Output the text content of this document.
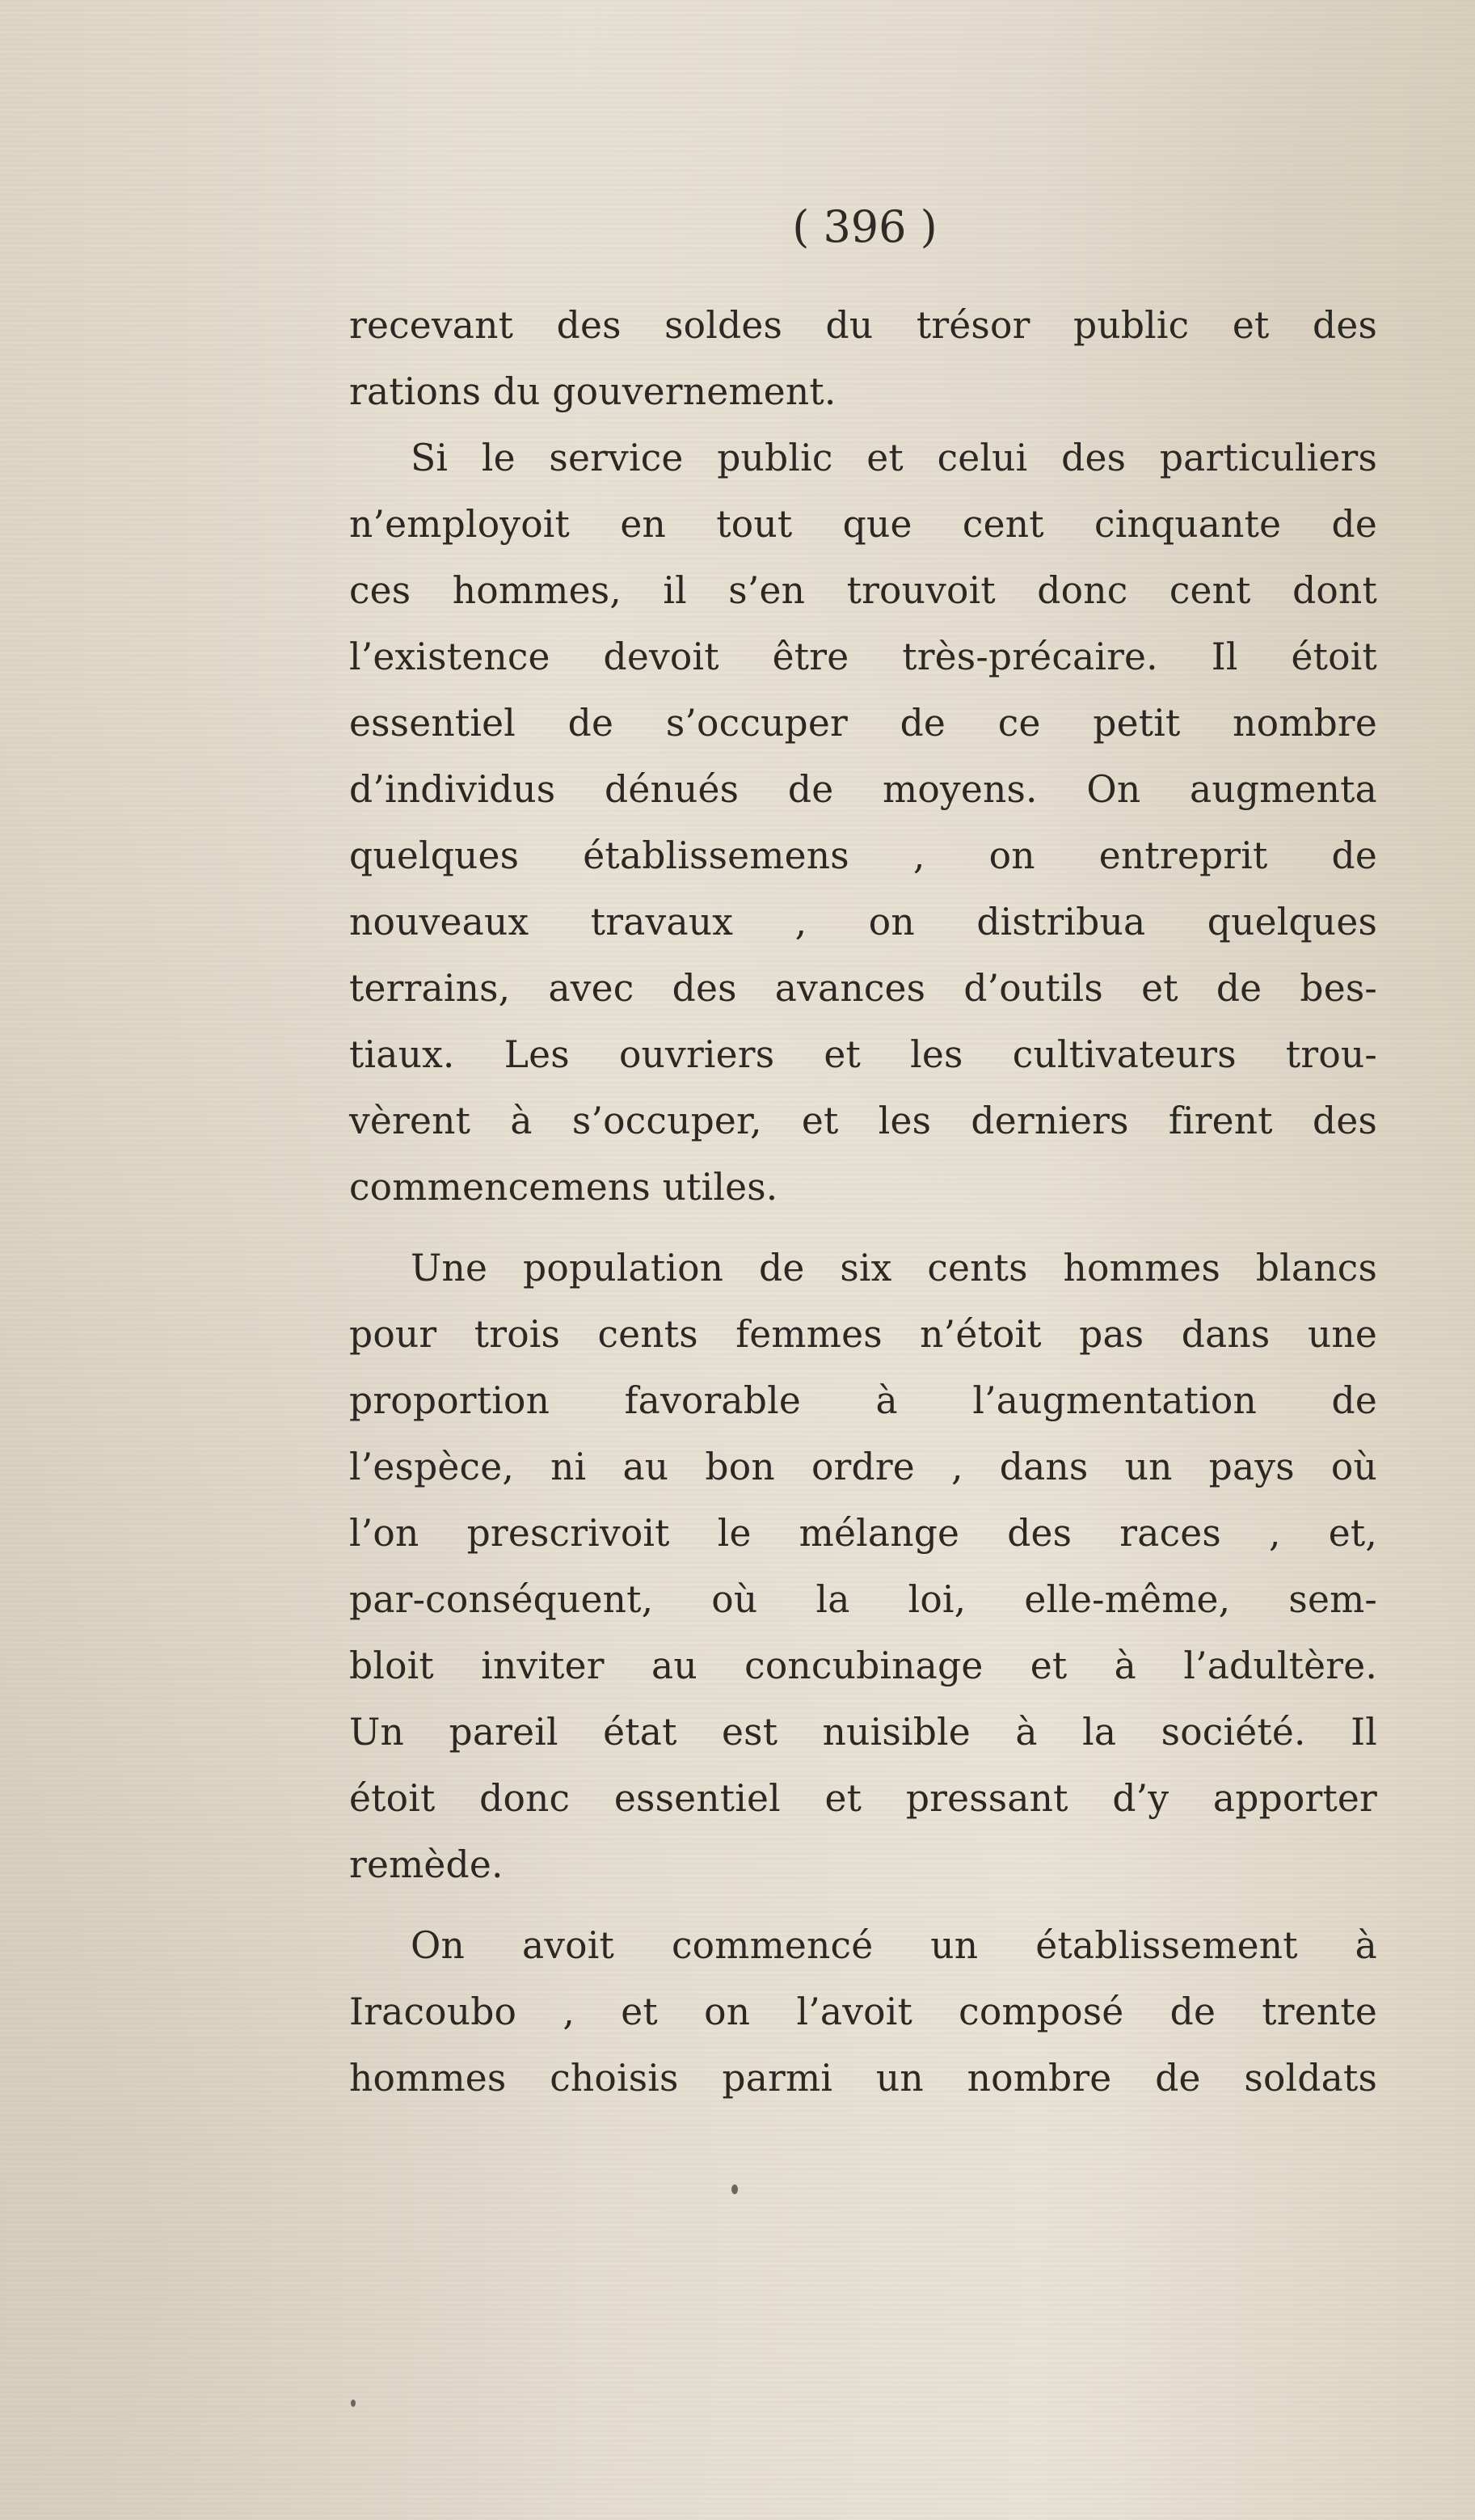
( 396 )
recevant des soldes du trésor public et des
rations du gouvernement.
Si le service public et celui des particuliers
n’employoit en tout que cent cinquante de
ces hommes, il s’en trouvoit donc cent dont
l’existence devoit être très-précaire. Il étoit
essentiel de s’occuper de ce petit nombre
d’individus dénués de moyens. On augmenta
quelques établissemens , on entreprit de
nouveaux travaux , on distribua quelques
terrains, avec des avances d’outils et de bes-
tiaux. Les ouvriers et les cultivateurs trou-
vèrent à s’occuper, et les derniers firent des
commencemens utiles.
Une population de six cents hommes blancs
pour trois cents femmes n’étoit pas dans une
proportion favorable à l’augmentation de
l’espèce, ni au bon ordre , dans un pays où
l’on prescrivoit le mélange des races , et,
par-conséquent, où la loi, elle-même, sem-
bloit inviter au concubinage et à l’adultère.
Un pareil état est nuisible à la société. Il
étoit donc essentiel et pressant d’y apporter
remède.
On avoit commencé un établissement à
Iracoubo , et on l’avoit composé de trente
hommes choisis parmi un nombre de soldats
